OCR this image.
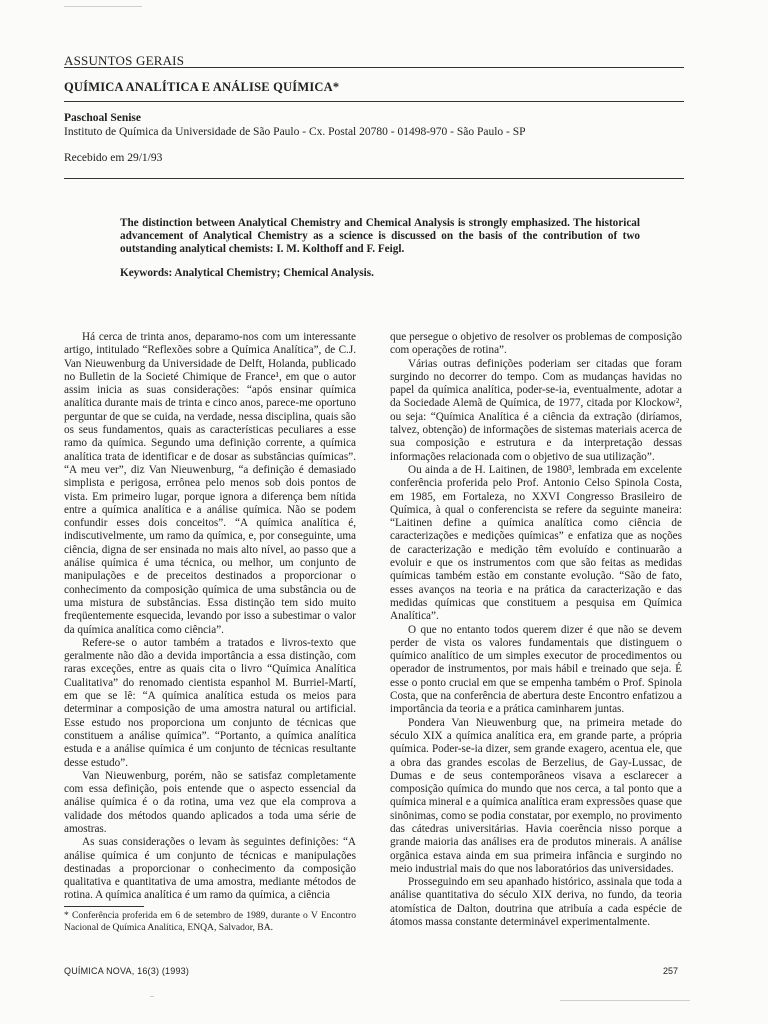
ASSUNTOS GERAIS
QUÍMICA ANALÍTICA E ANÁLISE QUÍMICA*
Paschoal Senise
Instituto de Química da Universidade de São Paulo - Cx. Postal 20780 - 01498-970 - São Paulo - SP
Recebido em 29/1/93
The distinction between Analytical Chemistry and Chemical Analysis is strongly emphasized. The historical advancement of Analytical Chemistry as a science is discussed on the basis of the contribution of two outstanding analytical chemists: I. M. Kolthoff and F. Feigl.
Keywords: Analytical Chemistry; Chemical Analysis.

Há cerca de trinta anos, deparamo-nos com um interessante artigo, intitulado “Reflexões sobre a Química Analítica”, de C.J. Van Nieuwenburg da Universidade de Delft, Holanda, publicado no Bulletin de la Societé Chimique de France¹, em que o autor assim inicia as suas considerações: “após ensinar química analítica durante mais de trinta e cinco anos, parece-me oportuno perguntar de que se cuida, na verdade, nessa disciplina, quais são os seus fundamentos, quais as características peculiares a esse ramo da química. Segundo uma definição corrente, a química analítica trata de identificar e de dosar as substâncias químicas”. “A meu ver”, diz Van Nieuwenburg, “a definição é demasiado simplista e perigosa, errônea pelo menos sob dois pontos de vista. Em primeiro lugar, porque ignora a diferença bem nítida entre a química analítica e a análise química. Não se podem confundir esses dois conceitos”. “A química analítica é, indiscutivelmente, um ramo da química, e, por conseguinte, uma ciência, digna de ser ensinada no mais alto nível, ao passo que a análise química é uma técnica, ou melhor, um conjunto de manipulações e de preceitos destinados a proporcionar o conhecimento da composição química de uma substância ou de uma mistura de substâncias. Essa distinção tem sido muito freqüentemente esquecida, levando por isso a subestimar o valor da química analítica como ciência”.

Refere-se o autor também a tratados e livros-texto que geralmente não dão a devida importância a essa distinção, com raras exceções, entre as quais cita o livro “Química Analítica Cualitativa” do renomado cientista espanhol M. Burriel-Martí, em que se lê: “A química analítica estuda os meios para determinar a composição de uma amostra natural ou artificial. Esse estudo nos proporciona um conjunto de técnicas que constituem a análise química”. “Portanto, a química analítica estuda e a análise química é um conjunto de técnicas resultante desse estudo”.

Van Nieuwenburg, porém, não se satisfaz completamente com essa definição, pois entende que o aspecto essencial da análise química é o da rotina, uma vez que ela comprova a validade dos métodos quando aplicados a toda uma série de amostras.

As suas considerações o levam às seguintes definições: “A análise química é um conjunto de técnicas e manipulações destinadas a proporcionar o conhecimento da composição qualitativa e quantitativa de uma amostra, mediante métodos de rotina. A química analítica é um ramo da química, a ciência

que persegue o objetivo de resolver os problemas de composição com operações de rotina”.

Várias outras definições poderiam ser citadas que foram surgindo no decorrer do tempo. Com as mudanças havidas no papel da química analítica, poder-se-ia, eventualmente, adotar a da Sociedade Alemã de Química, de 1977, citada por Klockow², ou seja: “Química Analítica é a ciência da extração (diríamos, talvez, obtenção) de informações de sistemas materiais acerca de sua composição e estrutura e da interpretação dessas informações relacionada com o objetivo de sua utilização”.

Ou ainda a de H. Laitinen, de 1980³, lembrada em excelente conferência proferida pelo Prof. Antonio Celso Spinola Costa, em 1985, em Fortaleza, no XXVI Congresso Brasileiro de Química, à qual o conferencista se refere da seguinte maneira: “Laitinen define a química analítica como ciência de caracterizações e medições químicas” e enfatiza que as noções de caracterização e medição têm evoluído e continuarão a evoluir e que os instrumentos com que são feitas as medidas químicas também estão em constante evolução. “São de fato, esses avanços na teoria e na prática da caracterização e das medidas químicas que constituem a pesquisa em Química Analítica”.

O que no entanto todos querem dizer é que não se devem perder de vista os valores fundamentais que distinguem o químico analítico de um simples executor de procedimentos ou operador de instrumentos, por mais hábil e treinado que seja. É esse o ponto crucial em que se empenha também o Prof. Spinola Costa, que na conferência de abertura deste Encontro enfatizou a importância da teoria e a prática caminharem juntas.

Pondera Van Nieuwenburg que, na primeira metade do século XIX a química analítica era, em grande parte, a própria química. Poder-se-ia dizer, sem grande exagero, acentua ele, que a obra das grandes escolas de Berzelius, de Gay-Lussac, de Dumas e de seus contemporâneos visava a esclarecer a composição química do mundo que nos cerca, a tal ponto que a química mineral e a química analítica eram expressões quase que sinônimas, como se podia constatar, por exemplo, no provimento das cátedras universitárias. Havia coerência nisso porque a grande maioria das análises era de produtos minerais. A análise orgânica estava ainda em sua primeira infância e surgindo no meio industrial mais do que nos laboratórios das universidades.

Prosseguindo em seu apanhado histórico, assinala que toda a análise quantitativa do século XIX deriva, no fundo, da teoria atomística de Dalton, doutrina que atribuía a cada espécie de átomos massa constante determinável experimentalmente.

* Conferência proferida em 6 de setembro de 1989, durante o V Encontro Nacional de Química Analítica, ENQA, Salvador, BA.
QUÍMICA NOVA, 16(3) (1993)	257
